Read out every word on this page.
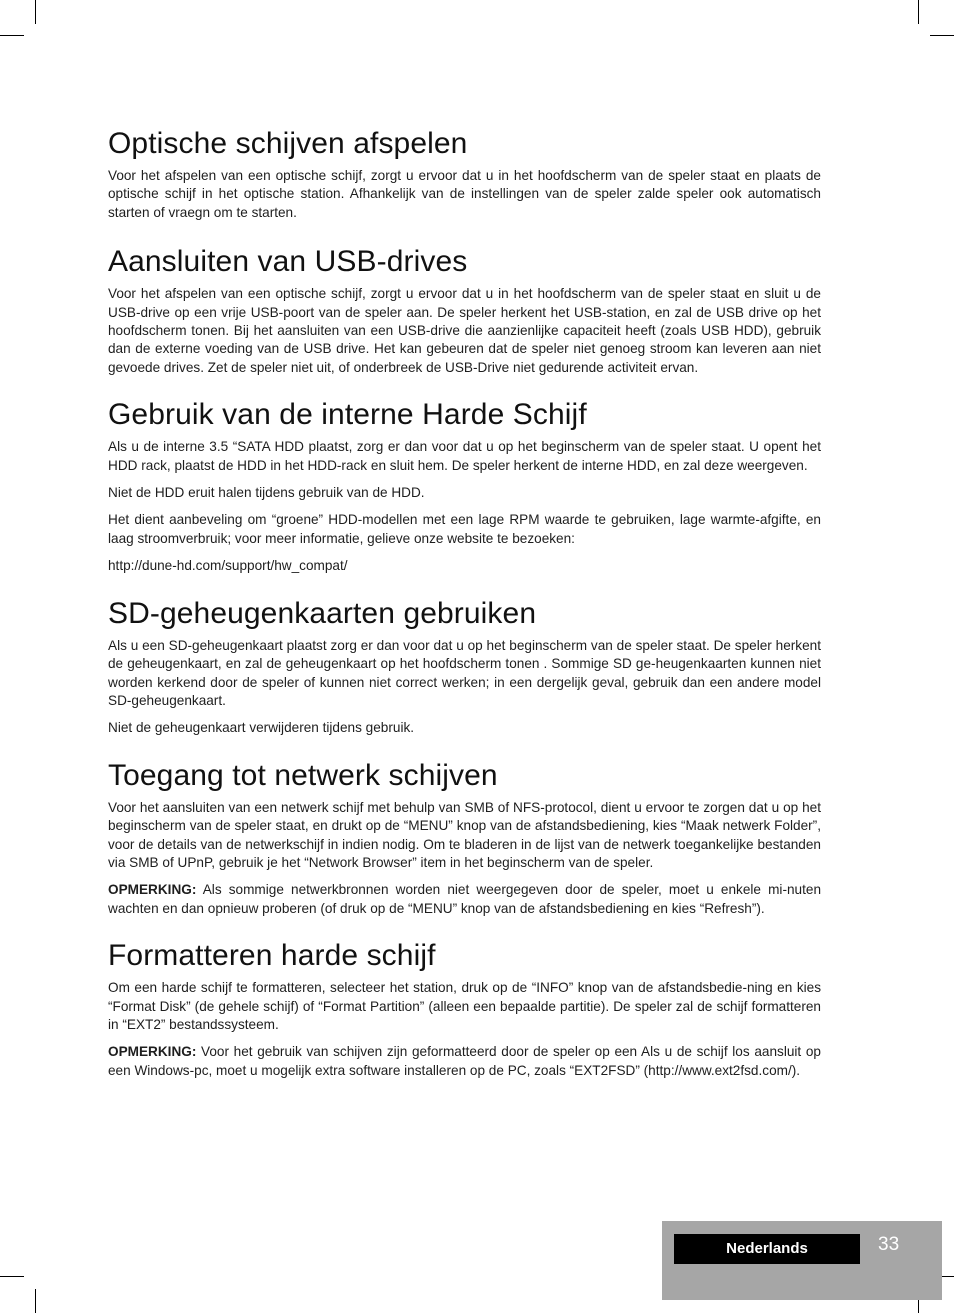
Optische schijven afspelen

Voor het afspelen van een optische schijf, zorgt u ervoor dat u in het hoofdscherm van de speler staat en plaats de optische schijf in het optische station. Afhankelijk van de instellingen van de speler zalde speler ook automatisch starten of vraegn om te starten.

Aansluiten van USB-drives

Voor het afspelen van een optische schijf, zorgt u ervoor dat u in het hoofdscherm van de speler staat en sluit u de USB-drive op een vrije USB-poort van de speler aan. De speler herkent het USB-station, en zal de USB drive op het hoofdscherm tonen. Bij het aansluiten van een USB-drive die aanzienlijke capaciteit heeft (zoals USB HDD), gebruik dan de externe voeding van de USB drive. Het kan gebeuren dat de speler niet genoeg stroom kan leveren aan niet gevoede drives. Zet de speler niet uit, of onderbreek de USB-Drive niet gedurende activiteit ervan.

Gebruik van de interne Harde Schijf

Als u de interne 3.5 “SATA HDD plaatst, zorg er dan voor dat u op het beginscherm van de speler staat. U opent het HDD rack, plaatst de HDD in het HDD-rack en sluit hem. De speler herkent de interne HDD, en zal deze weergeven.

Niet de HDD eruit halen tijdens gebruik van de HDD.

Het dient aanbeveling om “groene” HDD-modellen met een lage RPM waarde te gebruiken, lage warmte-afgifte, en laag stroomverbruik; voor meer informatie, gelieve onze website te bezoeken:

http://dune-hd.com/support/hw_compat/

SD-geheugenkaarten gebruiken

Als u een SD-geheugenkaart plaatst zorg er dan voor dat u op het beginscherm van de speler staat. De speler herkent de geheugenkaart, en zal de geheugenkaart op het hoofdscherm tonen . Sommige SD ge-heugenkaarten kunnen niet worden kerkend door de speler of kunnen niet correct werken; in een dergelijk geval, gebruik dan een andere model SD-geheugenkaart.

Niet de geheugenkaart verwijderen tijdens gebruik.

Toegang tot netwerk schijven

Voor het aansluiten van een netwerk schijf met behulp van SMB of NFS-protocol, dient u ervoor te zorgen dat u op het beginscherm van de speler staat, en drukt op de “MENU” knop van de afstandsbediening, kies “Maak netwerk Folder”, voor de details van de netwerkschijf in indien nodig. Om te bladeren in de lijst van de netwerk toegankelijke bestanden via SMB of UPnP, gebruik je het “Network Browser” item in het beginscherm van de speler.

OPMERKING: Als sommige netwerkbronnen worden niet weergegeven door de speler, moet u enkele mi-nuten wachten en dan opnieuw proberen (of druk op de “MENU” knop van de afstandsbediening en kies “Refresh”).

Formatteren harde schijf

Om een harde schijf te formatteren, selecteer het station, druk op de “INFO” knop van de afstandsbedie-ning en kies “Format Disk” (de gehele schijf) of “Format Partition” (alleen een bepaalde partitie). De speler zal de schijf formatteren in “EXT2” bestandssysteem.

OPMERKING: Voor het gebruik van schijven zijn geformatteerd door de speler op een Als u de schijf los aansluit op een Windows-pc, moet u mogelijk extra software installeren op de PC, zoals “EXT2FSD” (http://www.ext2fsd.com/).

Nederlands	33
